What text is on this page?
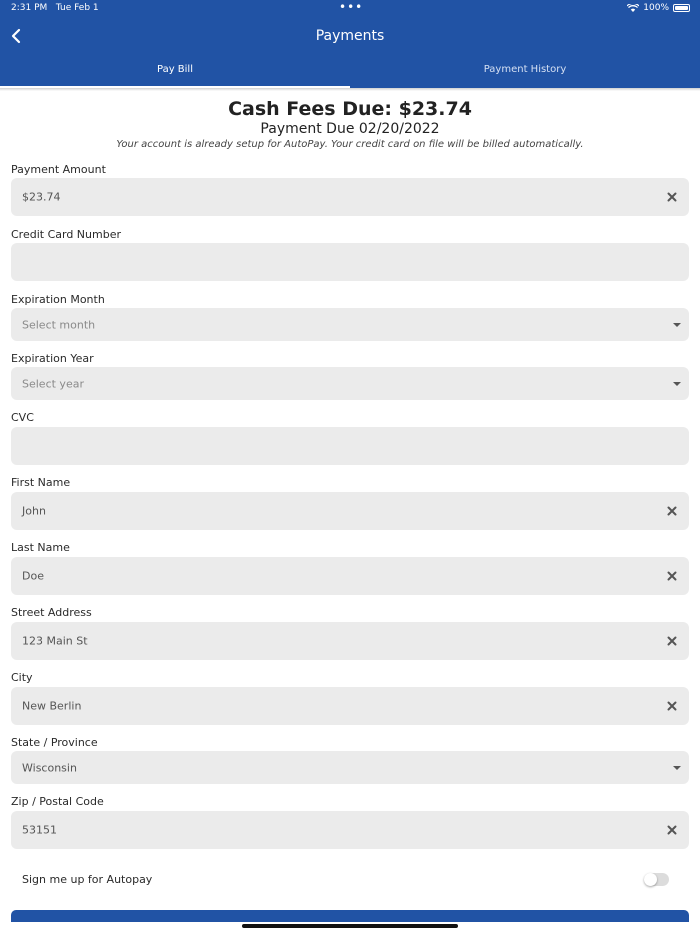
2:31 PM Tue Feb 1	•••	100%
Payments
Pay Bill	Payment History
Cash Fees Due: $23.74
Payment Due 02/20/2022
Your account is already setup for AutoPay. Your credit card on file will be billed automatically.
Payment Amount
$23.74
Credit Card Number
Expiration Month
Select month
Expiration Year
Select year
CVC
First Name
John
Last Name
Doe
Street Address
123 Main St
City
New Berlin
State / Province
Wisconsin
Zip / Postal Code
53151
Sign me up for Autopay
